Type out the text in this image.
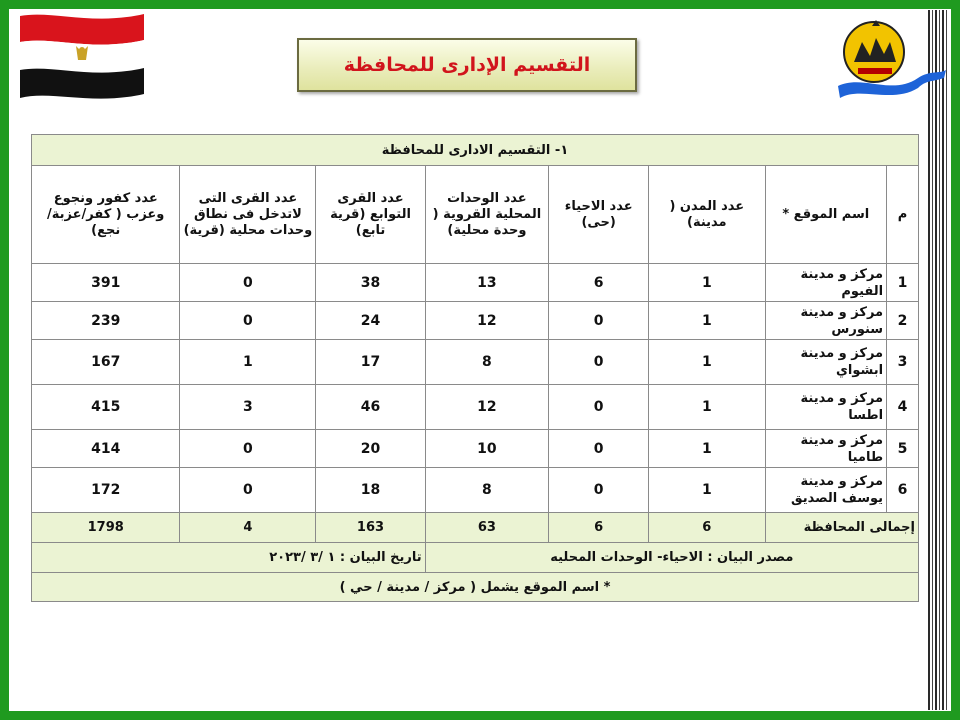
التقسيم الإدارى للمحافظة
١- التقسيم الادارى للمحافظة							
م	اسم الموقع *	عدد المدن ( مدينة)	عدد الاحياء (حى)	عدد الوحدات المحلية القروية ( وحدة محلية)	عدد القرى التوابع (قرية تابع)	عدد القرى التى لاتدخل فى نطاق وحدات محلية (قرية)	عدد كفور ونجوع وعزب ( كفر/عزبة/نجع)
1	مركز و مدينة الفيوم	1	6	13	38	0	391
2	مركز و مدينة سنورس	1	0	12	24	0	239
3	مركز و مدينة ابشواي	1	0	8	17	1	167
4	مركز و مدينة اطسا	1	0	12	46	3	415
5	مركز و مدينة طاميا	1	0	10	20	0	414
6	مركز و مدينة يوسف الصديق	1	0	8	18	0	172
إجمالى المحافظة		6	6	63	163	4	1798
مصدر البيان : الاحياء- الوحدات المحليه					تاريخ البيان : ١ /٣ /٢٠٢٣		
* اسم الموقع يشمل ( مركز / مدينة / حي )							
